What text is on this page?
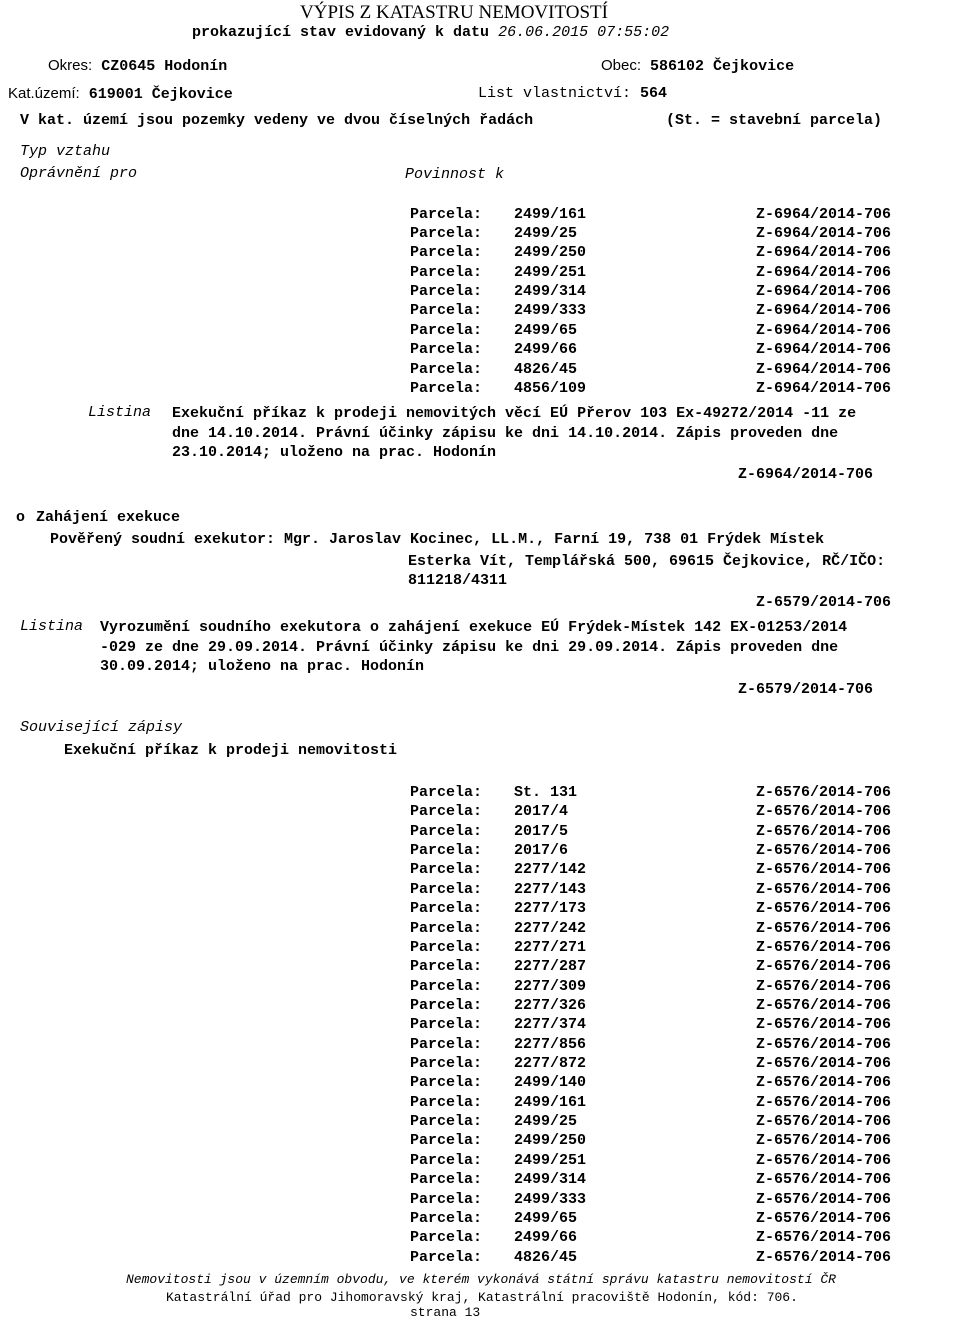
VÝPIS Z KATASTRU NEMOVITOSTÍ
prokazující stav evidovaný k datu 26.06.2015 07:55:02
Okres: CZ0645 Hodonín	Obec: 586102 Čejkovice
Kat.území: 619001 Čejkovice	List vlastnictví: 564
V kat. území jsou pozemky vedeny ve dvou číselných řadách	(St. = stavební parcela)
Typ vztahu
Oprávnění pro	Povinnost k
Parcela: 2499/161	Z-6964/2014-706
Parcela: 2499/25	Z-6964/2014-706
Parcela: 2499/250	Z-6964/2014-706
Parcela: 2499/251	Z-6964/2014-706
Parcela: 2499/314	Z-6964/2014-706
Parcela: 2499/333	Z-6964/2014-706
Parcela: 2499/65	Z-6964/2014-706
Parcela: 2499/66	Z-6964/2014-706
Parcela: 4826/45	Z-6964/2014-706
Parcela: 4856/109	Z-6964/2014-706
Listina Exekuční příkaz k prodeji nemovitých věcí EÚ Přerov 103 Ex-49272/2014 -11 ze
dne 14.10.2014. Právní účinky zápisu ke dni 14.10.2014. Zápis proveden dne
23.10.2014; uloženo na prac. Hodonín
Z-6964/2014-706
o Zahájení exekuce
Pověřený soudní exekutor: Mgr. Jaroslav Kocinec, LL.M., Farní 19, 738 01 Frýdek Místek
Esterka Vít, Templářská 500, 69615 Čejkovice, RČ/IČO:
811218/4311
Z-6579/2014-706
Listina Vyrozumění soudního exekutora o zahájení exekuce EÚ Frýdek-Místek 142 EX-01253/2014
-029 ze dne 29.09.2014. Právní účinky zápisu ke dni 29.09.2014. Zápis proveden dne
30.09.2014; uloženo na prac. Hodonín
Z-6579/2014-706
Související zápisy
Exekuční příkaz k prodeji nemovitosti
Parcela: St. 131	Z-6576/2014-706
Parcela: 2017/4	Z-6576/2014-706
Parcela: 2017/5	Z-6576/2014-706
Parcela: 2017/6	Z-6576/2014-706
Parcela: 2277/142	Z-6576/2014-706
Parcela: 2277/143	Z-6576/2014-706
Parcela: 2277/173	Z-6576/2014-706
Parcela: 2277/242	Z-6576/2014-706
Parcela: 2277/271	Z-6576/2014-706
Parcela: 2277/287	Z-6576/2014-706
Parcela: 2277/309	Z-6576/2014-706
Parcela: 2277/326	Z-6576/2014-706
Parcela: 2277/374	Z-6576/2014-706
Parcela: 2277/856	Z-6576/2014-706
Parcela: 2277/872	Z-6576/2014-706
Parcela: 2499/140	Z-6576/2014-706
Parcela: 2499/161	Z-6576/2014-706
Parcela: 2499/25	Z-6576/2014-706
Parcela: 2499/250	Z-6576/2014-706
Parcela: 2499/251	Z-6576/2014-706
Parcela: 2499/314	Z-6576/2014-706
Parcela: 2499/333	Z-6576/2014-706
Parcela: 2499/65	Z-6576/2014-706
Parcela: 2499/66	Z-6576/2014-706
Parcela: 4826/45	Z-6576/2014-706
Nemovitosti jsou v územním obvodu, ve kterém vykonává státní správu katastru nemovitostí ČR
Katastrální úřad pro Jihomoravský kraj, Katastrální pracoviště Hodonín, kód: 706.
strana 13
